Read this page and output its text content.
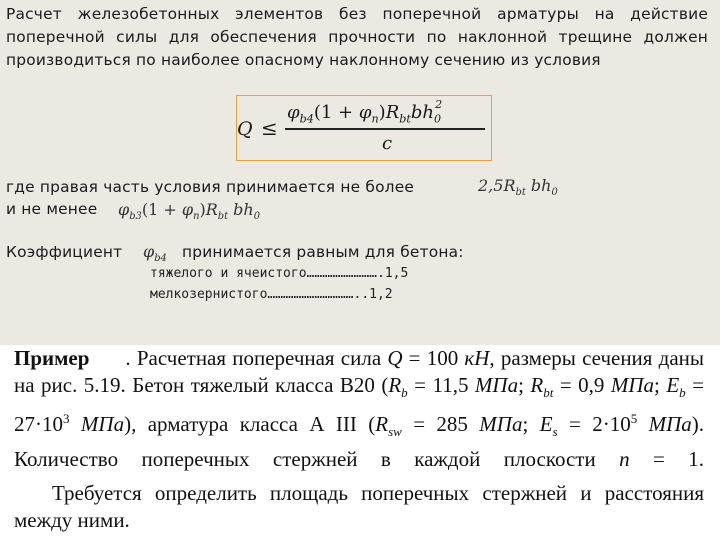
Расчет железобетонных элементов без поперечной арматуры на действие поперечной силы для обеспечения прочности по наклонной трещине должен производиться по наиболее опасному наклонному сечению из условия

Q ≤
$\varphi_{b4}(1 + \varphi_n)R_{bt}bh_0^2$
c
где правая часть условия принимается не более	$2,5R_{bt}$ $bh_0$
и не менее $\varphi_{b3}(1 + \varphi_n)R_{bt}$ $bh_0$
Коэффициент $\varphi_{b4}$ принимается равным для бетона:
тяжелого и ячеистого……………………….1,5
мелкозернистого……………………………..1,2
Пример . Расчетная поперечная сила Q = 100 кН, размеры сечения даны на рис. 5.19. Бетон тяжелый класса В20 ($R_b = 11,5$ МПа; $R_{bt} = 0,9$ МПа; $E_b = 27\cdot 10^3$ МПа), арматура класса А III ($R_{sw} = 285$ МПа; $E_s = 2\cdot 10^5$ МПа). Количество поперечных стержней в каждой плоскости n = 1.
Требуется определить площадь поперечных стержней и расстояния между ними.
